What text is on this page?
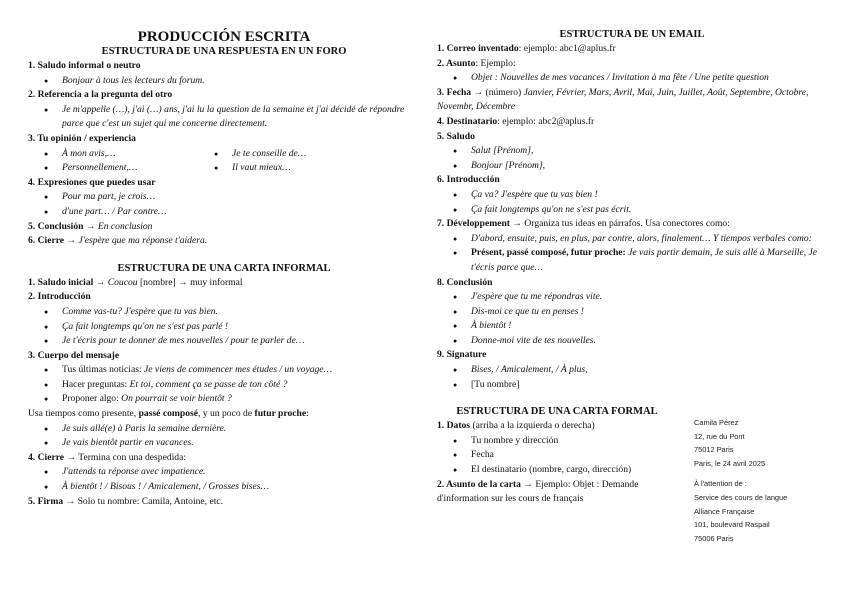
PRODUCCIÓN ESCRITA
ESTRUCTURA DE UNA RESPUESTA EN UN FORO
1. Saludo informal o neutro
● Bonjour à tous les lecteurs du forum.
2. Referencia a la pregunta del otro
● Je m'appelle (…), j'ai (…) ans, j'ai lu la question de la semaine et j'ai décidé de répondre parce que c'est un sujet qui me concerne directement.
3. Tu opinión / experiencia
● À mon avis,…
● Personnellement,…
● Je te conseille de…
● Il vaut mieux…
4. Expresiones que puedes usar
● Pour ma part, je crois…
● d'une part… / Par contre…
5. Conclusión → En conclusion
6. Cierre → J'espère que ma réponse t'aidera.
ESTRUCTURA DE UNA CARTA INFORMAL
1. Saludo inicial → Coucou [nombre] → muy informal
2. Introducción
● Comme vas-tu? J'espère que tu vas bien.
● Ça fait longtemps qu'on ne s'est pas parlé !
● Je t'écris pour te donner de mes nouvelles / pour te parler de…
3. Cuerpo del mensaje
● Tus últimas noticias: Je viens de commencer mes études / un voyage…
● Hacer preguntas: Et toi, comment ça se passe de ton côté ?
● Proponer algo: On pourrait se voir bientôt ?
Usa tiempos como presente, passé composé, y un poco de futur proche:
● Je suis allé(e) à Paris la semaine dernière.
● Je vais bientôt partir en vacances.
4. Cierre → Termina con una despedida:
● J'attends ta réponse avec impatience.
● À bientôt ! / Bisous ! / Amicalement, / Grosses bises…
5. Firma → Solo tu nombre: Camila, Antoine, etc.
ESTRUCTURA DE UN EMAIL
1. Correo inventado: ejemplo: abc1@aplus.fr
2. Asunto: Ejemplo:
● Objet : Nouvelles de mes vacances / Invitation à ma fête / Une petite question
3. Fecha → (número) Janvier, Février, Mars, Avril, Mai, Juin, Juillet, Août, Septembre, Octobre, Novembr, Décembre
4. Destinatario: ejemplo: abc2@aplus.fr
5. Saludo
● Salut [Prénom],
● Bonjour [Prénom],
6. Introducción
● Ça va? J'espère que tu vas bien !
● Ça fait longtemps qu'on ne s'est pas écrit.
7. Développement → Organiza tus ideas en párrafos. Usa conectores como:
● D'abord, ensuite, puis, en plus, par contre, alors, finalement… Y tiempos verbales como:
● Présent, passé composé, futur proche: Je vais partir demain, Je suis allé à Marseille, Je t'écris parce que…
8. Conclusión
● J'espère que tu me répondras vite.
● Dis-moi ce que tu en penses !
● À bientôt !
● Donne-moi vite de tes nouvelles.
9. Signature
● Bises, / Amicalement, / À plus,
● [Tu nombre]
ESTRUCTURA DE UNA CARTA FORMAL
1. Datos (arriba a la izquierda o derecha)
● Tu nombre y dirección
● Fecha
● El destinatario (nombre, cargo, dirección)
2. Asunto de la carta → Ejemplo: Objet : Demande d'information sur les cours de français
Camila Pérez
12, rue du Pont
75012 Paris
Paris, le 24 avril 2025
À l'attention de :
Service des cours de langue
Alliance Française
101, boulevard Raspail
75006 Paris
